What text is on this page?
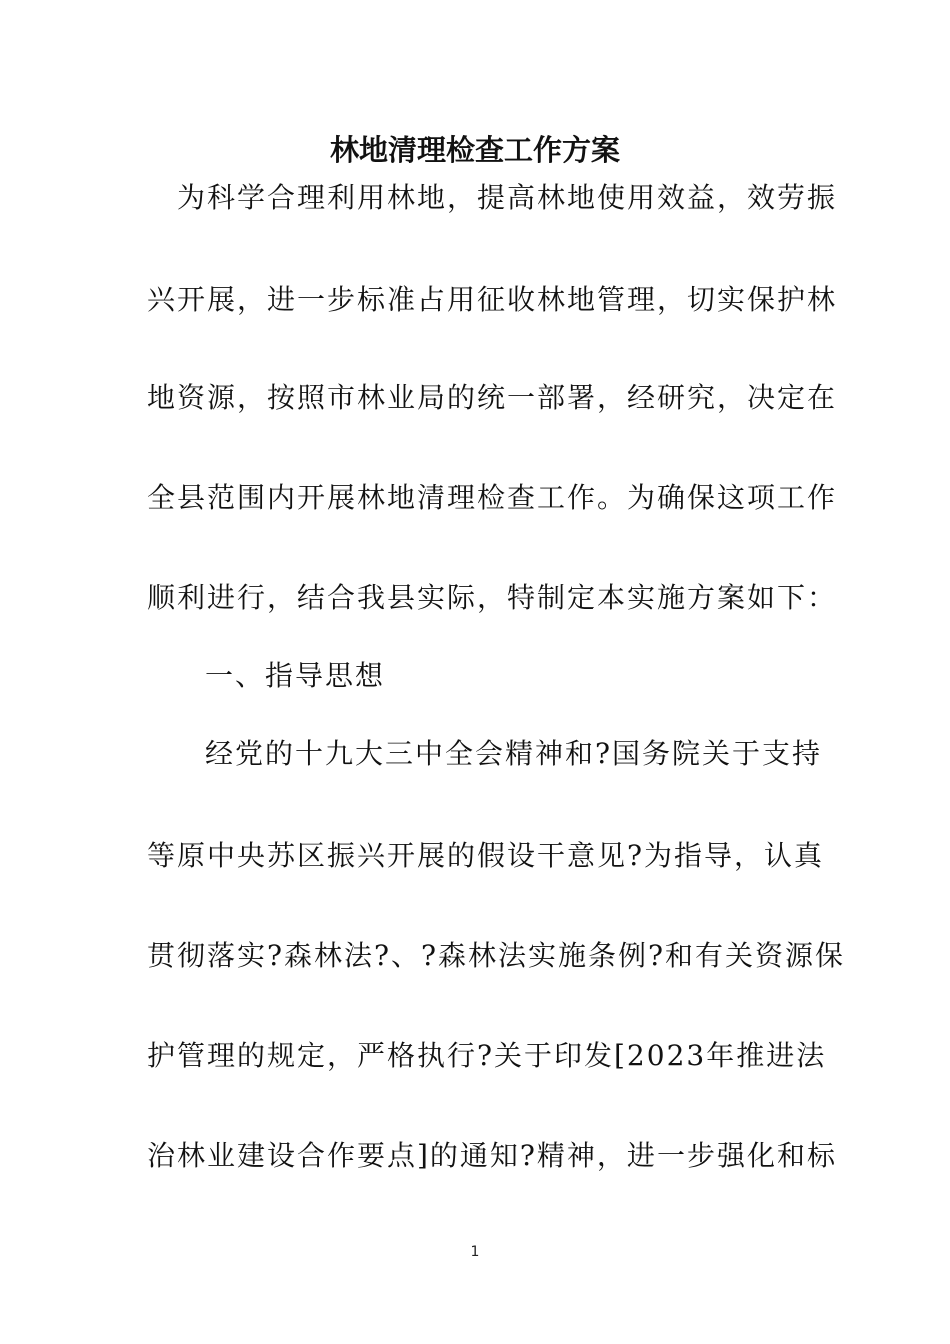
林地清理检查工作方案
为科学合理利用林地，提高林地使用效益，效劳振
兴开展，进一步标准占用征收林地管理，切实保护林
地资源，按照市林业局的统一部署，经研究，决定在
全县范围内开展林地清理检查工作。为确保这项工作
顺利进行，结合我县实际，特制定本实施方案如下：
一、指导思想
经党的十九大三中全会精神和?国务院关于支持
等原中央苏区振兴开展的假设干意见?为指导，认真
贯彻落实?森林法?、?森林法实施条例?和有关资源保
护管理的规定，严格执行?关于印发[2023年推进法
治林业建设合作要点]的通知?精神，进一步强化和标
1
